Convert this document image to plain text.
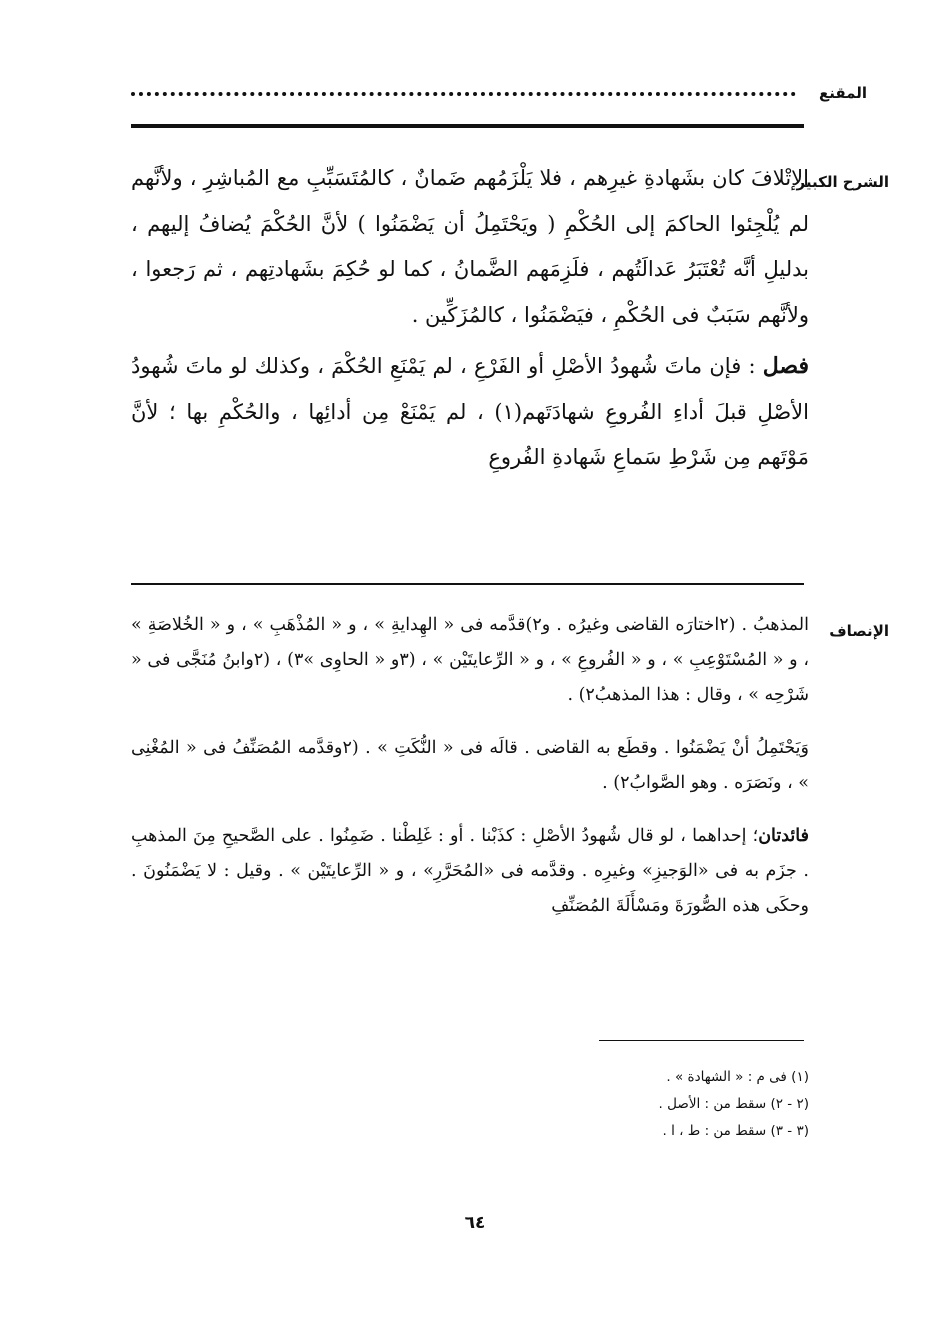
المقنع
الشرح الكبير

الإتْلافَ كان بشَهادةِ غيرِهم ، فلا يَلْزَمُهم ضَمانٌ ، كالمُتَسَبِّبِ مع المُباشِرِ ، ولأنَّهم لم يُلْجِئوا الحاكمَ إلى الحُكْمِ ( ويَحْتَمِلُ أن يَضْمَنُوا ) لأنَّ الحُكْمَ يُضافُ إليهم ، بدليلِ أنَّه تُعْتَبَرُ عَدالَتُهم ، فلَزِمَهم الضَّمانُ ، كما لو حُكِمَ بشَهادتِهم ، ثم رَجعوا ، ولأنَّهم سَبَبٌ فى الحُكْمِ ، فيَضْمَنُوا ، كالمُزَكِّين .

فصل : فإن ماتَ شُهودُ الأصْلِ أو الفَرْعِ ، لم يَمْنَعِ الحُكْمَ ، وكذلك لو ماتَ شُهودُ الأصْلِ قبلَ أداءِ الفُروعِ شهادَتَهم(١) ، لم يَمْنَعْ مِن أدائِها ، والحُكْمِ بها ؛ لأنَّ مَوْتَهم مِن شَرْطِ سَماعِ شَهادةِ الفُروعِ

الإنصاف

المذهبُ . (٢اختارَه القاضى وغيرُه . و٢)قدَّمه فى « الهِدايةِ » ، و « المُذْهَبِ » ، و « الخُلاصَةِ » ، و « المُسْتَوْعِبِ » ، و « الفُروعِ » ، و « الرِّعايتَيْن » ، (٣و « الحاوِى »٣) ، (٢وابنُ مُنَجَّى فى « شَرْحِه » ، وقال : هذا المذهبُ٢) .

وَيَحْتَمِلُ أنْ يَضْمَنُوا . وقطَع به القاضى . قالَه فى « النُّكَتِ » . (٢وقدَّمه المُصَنِّفُ فى « المُغْنِى » ، ونَصَرَه . وهو الصَّوابُ٢) .

فائدتان؛ إحداهما ، لو قال شُهودُ الأصْلِ : كذَبْنا . أو : غَلِطْنا . ضَمِنُوا . على الصَّحيحِ مِنَ المذهبِ . جزَم به فى «الوَجيزِ» وغيرِه . وقدَّمه فى «المُحَرَّرِ» ، و « الرِّعايتَيْن » . وقيل : لا يَضْمَنُونَ . وحكَى هذه الصُّورَةَ ومَسْأَلَةَ المُصَنِّفِ

(١) فى م : « الشهادة » .
(٢ - ٢) سقط من : الأصل .
(٣ - ٣) سقط من : ط ، ا .
٦٤
